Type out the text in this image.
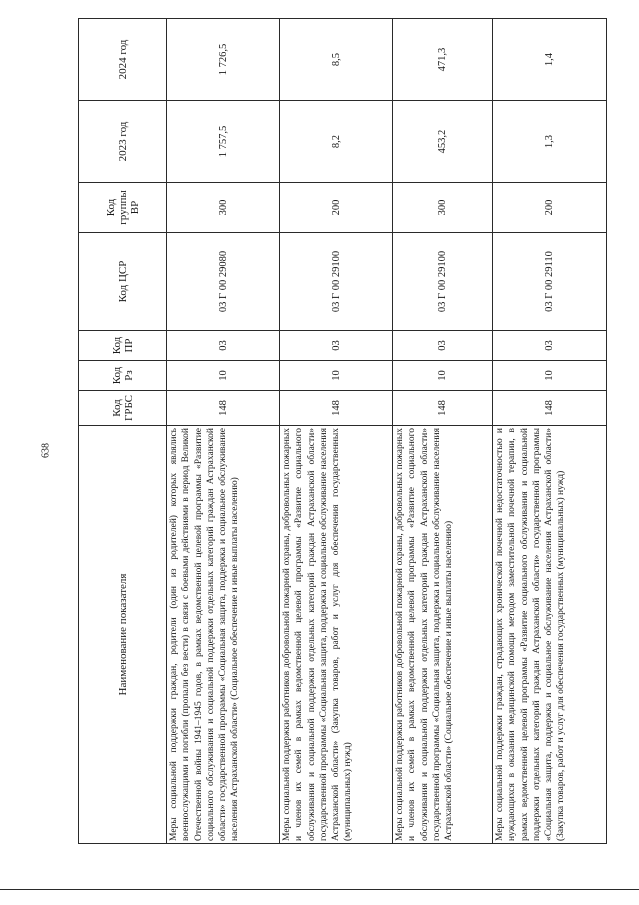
638
Наименование показателя	Код ГРБС	Код Рз	Код ПР	Код ЦСР	Код группы ВР	2023 год	2024 год
Меры социальной поддержки граждан, родители (один из родителей) которых являлись военнослужащими и погибли (пропали без вести) в связи с боевыми действиями в период Великой Отечественной войны 1941–1945 годов, в рамках ведомственной целевой программы «Развитие социального обслуживания и социальной поддержки отдельных категорий граждан Астраханской области» государственной программы «Социальная защита, поддержка и социальное обслуживание населения Астраханской области» (Социальное обеспечение и иные выплаты населению)	148	10	03	03 Г 00 29080	300	1 757,5	1 726,5
Меры социальной поддержки работников добровольной пожарной охраны, добровольных пожарных и членов их семей в рамках ведомственной целевой программы «Развитие социального обслуживания и социальной поддержки отдельных категорий граждан Астраханской области» государственной программы «Социальная защита, поддержка и социальное обслуживание населения Астраханской области» (Закупка товаров, работ и услуг для обеспечения государственных (муниципальных) нужд)	148	10	03	03 Г 00 29100	200	8,2	8,5
Меры социальной поддержки работников добровольной пожарной охраны, добровольных пожарных и членов их семей в рамках ведомственной целевой программы «Развитие социального обслуживания и социальной поддержки отдельных категорий граждан Астраханской области» государственной программы «Социальная защита, поддержка и социальное обслуживание населения Астраханской области» (Социальное обеспечение и иные выплаты населению)	148	10	03	03 Г 00 29100	300	453,2	471,3
Меры социальной поддержки граждан, страдающих хронической почечной недостаточностью и нуждающихся в оказании медицинской помощи методом заместительной почечной терапии, в рамках ведомственной целевой программы «Развитие социального обслуживания и социальной поддержки отдельных категорий граждан Астраханской области» государственной программы «Социальная защита, поддержка и социальное обслуживание населения Астраханской области» (Закупка товаров, работ и услуг для обеспечения государственных (муниципальных) нужд)	148	10	03	03 Г 00 29110	200	1,3	1,4
